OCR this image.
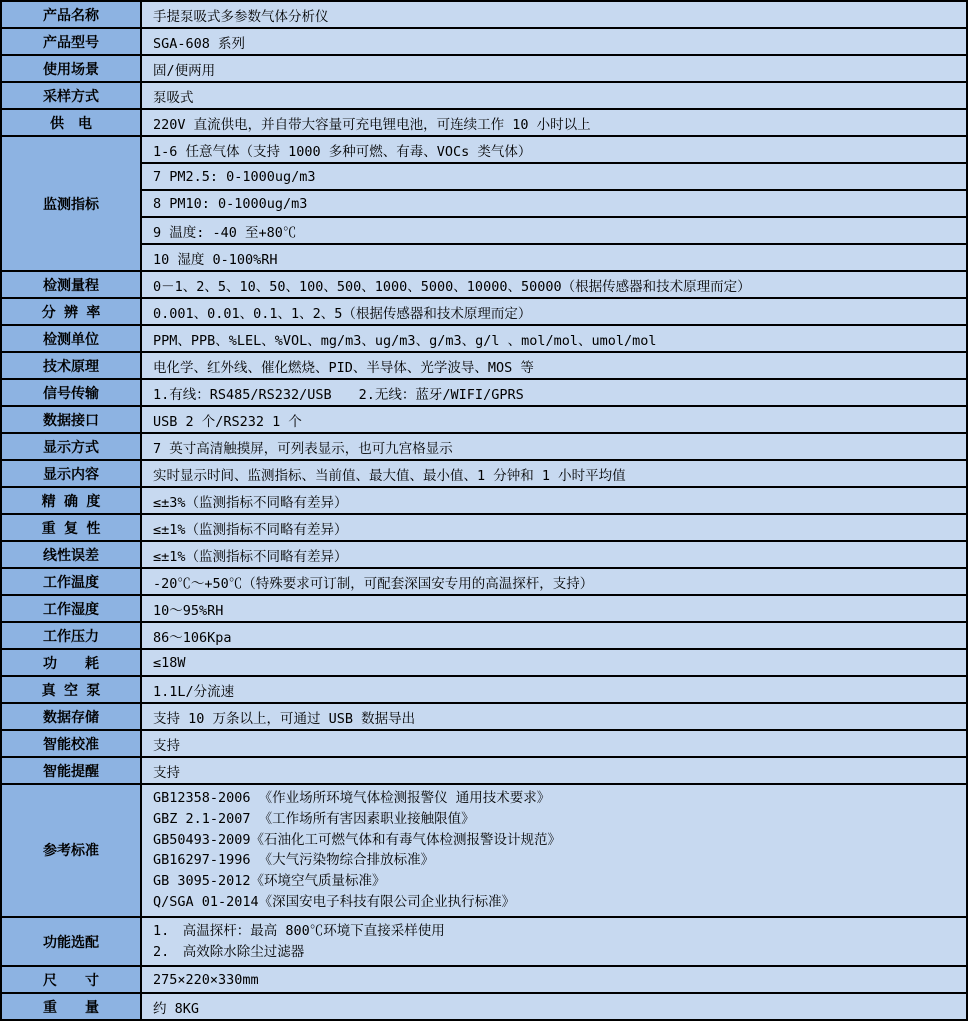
产品名称	手提泵吸式多参数气体分析仪
产品型号	SGA-608 系列
使用场景	固/便两用
采样方式	泵吸式
供　电	220V 直流供电，并自带大容量可充电锂电池，可连续工作 10 小时以上
监测指标	1-6 任意气体（支持 1000 多种可燃、有毒、VOCs 类气体）
	7 PM2.5: 0-1000ug/m3
	8 PM10: 0-1000ug/m3
	9 温度: -40 至+80℃
	10 湿度 0-100%RH
检测量程	0－1、2、5、10、50、100、500、1000、5000、10000、50000（根据传感器和技术原理而定）
分 辨 率	0.001、0.01、0.1、1、2、5（根据传感器和技术原理而定）
检测单位	PPM、PPB、%LEL、%VOL、mg/m3、ug/m3、g/m3、g/l 、mol/mol、umol/mol
技术原理	电化学、红外线、催化燃烧、PID、半导体、光学波导、MOS 等
信号传输	1.有线：RS485/RS232/USB　　2.无线：蓝牙/WIFI/GPRS
数据接口	USB 2 个/RS232 1 个
显示方式	7 英寸高清触摸屏，可列表显示，也可九宫格显示
显示内容	实时显示时间、监测指标、当前值、最大值、最小值、1 分钟和 1 小时平均值
精 确 度	≤±3%（监测指标不同略有差异）
重 复 性	≤±1%（监测指标不同略有差异）
线性误差	≤±1%（监测指标不同略有差异）
工作温度	-20℃～+50℃（特殊要求可订制，可配套深国安专用的高温探杆，支持）
工作湿度	10～95%RH
工作压力	86～106Kpa
功　　耗	≤18W
真 空 泵	1.1L/分流速
数据存储	支持 10 万条以上，可通过 USB 数据导出
智能校准	支持
智能提醒	支持
参考标准	
GB12358-2006 《作业场所环境气体检测报警仪 通用技术要求》
GBZ 2.1-2007 《工作场所有害因素职业接触限值》
GB50493-2009《石油化工可燃气体和有毒气体检测报警设计规范》
GB16297-1996 《大气污染物综合排放标准》
GB 3095-2012《环境空气质量标准》
Q/SGA 01-2014《深国安电子科技有限公司企业执行标准》

功能选配	1.　高温探杆：最高 800℃环境下直接采样使用
2.　高效除水除尘过滤器

尺　　寸	275×220×330mm
重　　量	约 8KG
